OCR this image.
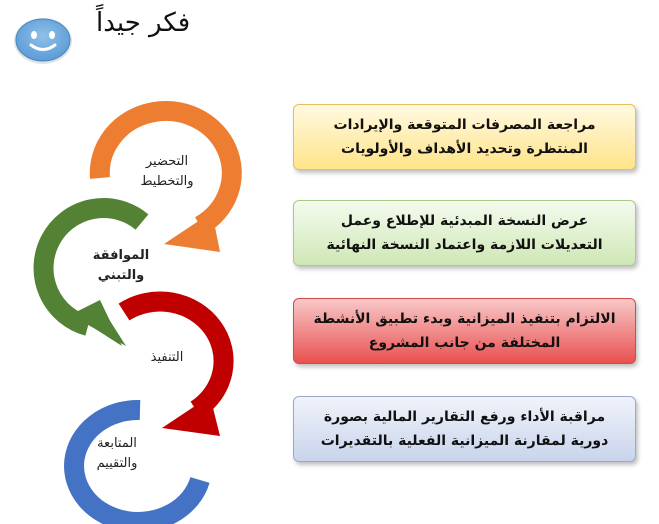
فكر جيداً
التحضير
والتخطيط
الموافقة
والتبني
التنفيذ
المتابعة
والتقييم
مراجعة المصرفات المتوقعة والإيرادات
المنتظرة وتحديد الأهداف والأولويات
عرض النسخة المبدئية للإطلاع وعمل
التعديلات اللازمة واعتماد النسخة النهائية
الالتزام بتنفيذ الميزانية وبدء تطبيق الأنشطة
المختلفة من جانب المشروع
مراقبة الأداء ورفع التقارير المالية بصورة
دورية لمقارنة الميزانية الفعلية بالتقديرات
